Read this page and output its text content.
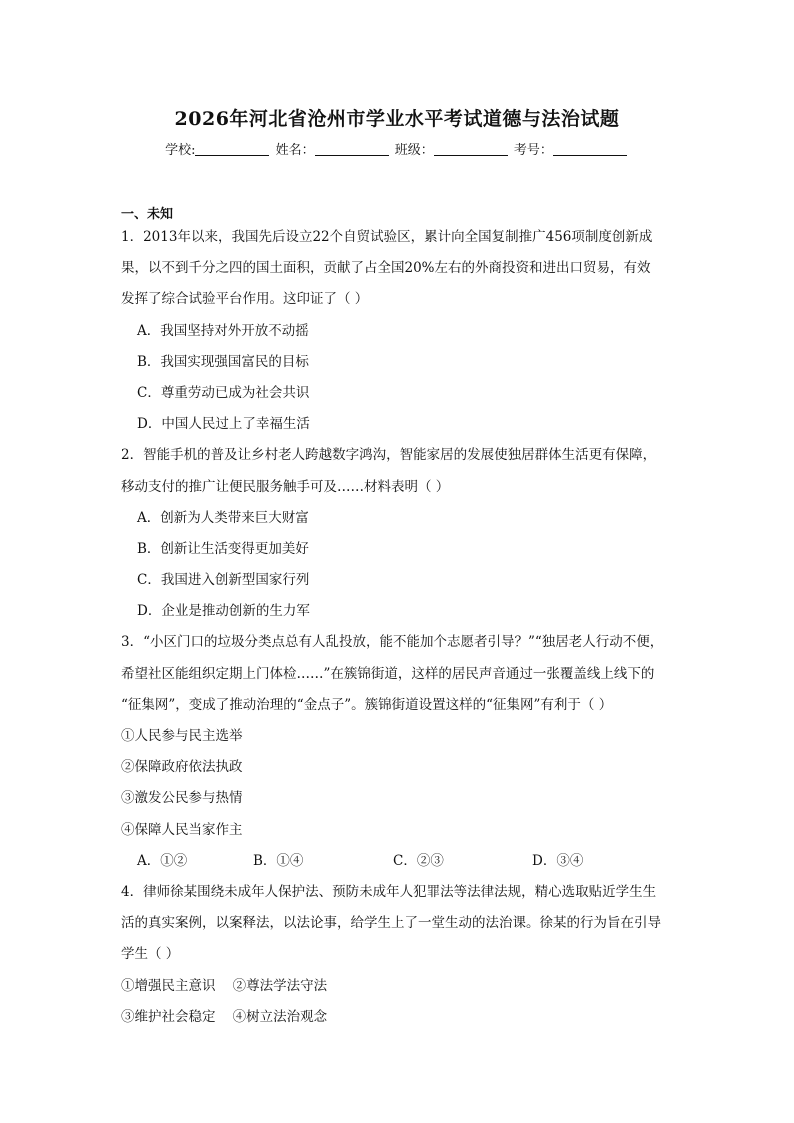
2026年河北省沧州市学业水平考试道德与法治试题
学校:	姓名：	班级：	考号：
一、未知
1．2013年以来，我国先后设立22个自贸试验区，累计向全国复制推广456项制度创新成
果，以不到千分之四的国土面积，贡献了占全国20%左右的外商投资和进出口贸易，有效
发挥了综合试验平台作用。这印证了（ ）
A．我国坚持对外开放不动摇
B．我国实现强国富民的目标
C．尊重劳动已成为社会共识
D．中国人民过上了幸福生活
2．智能手机的普及让乡村老人跨越数字鸿沟，智能家居的发展使独居群体生活更有保障，
移动支付的推广让便民服务触手可及……材料表明（ ）
A．创新为人类带来巨大财富
B．创新让生活变得更加美好
C．我国进入创新型国家行列
D．企业是推动创新的生力军
3．“小区门口的垃圾分类点总有人乱投放，能不能加个志愿者引导？”“独居老人行动不便，
希望社区能组织定期上门体检……”在簇锦街道，这样的居民声音通过一张覆盖线上线下的
“征集网”，变成了推动治理的“金点子”。簇锦街道设置这样的“征集网”有利于（ ）
①人民参与民主选举
②保障政府依法执政
③激发公民参与热情
④保障人民当家作主
A．①②	B．①④	C．②③	D．③④
4．律师徐某围绕未成年人保护法、预防未成年人犯罪法等法律法规，精心选取贴近学生生
活的真实案例，以案释法，以法论事，给学生上了一堂生动的法治课。徐某的行为旨在引导
学生（ ）
①增强民主意识    ②尊法学法守法
③维护社会稳定    ④树立法治观念
